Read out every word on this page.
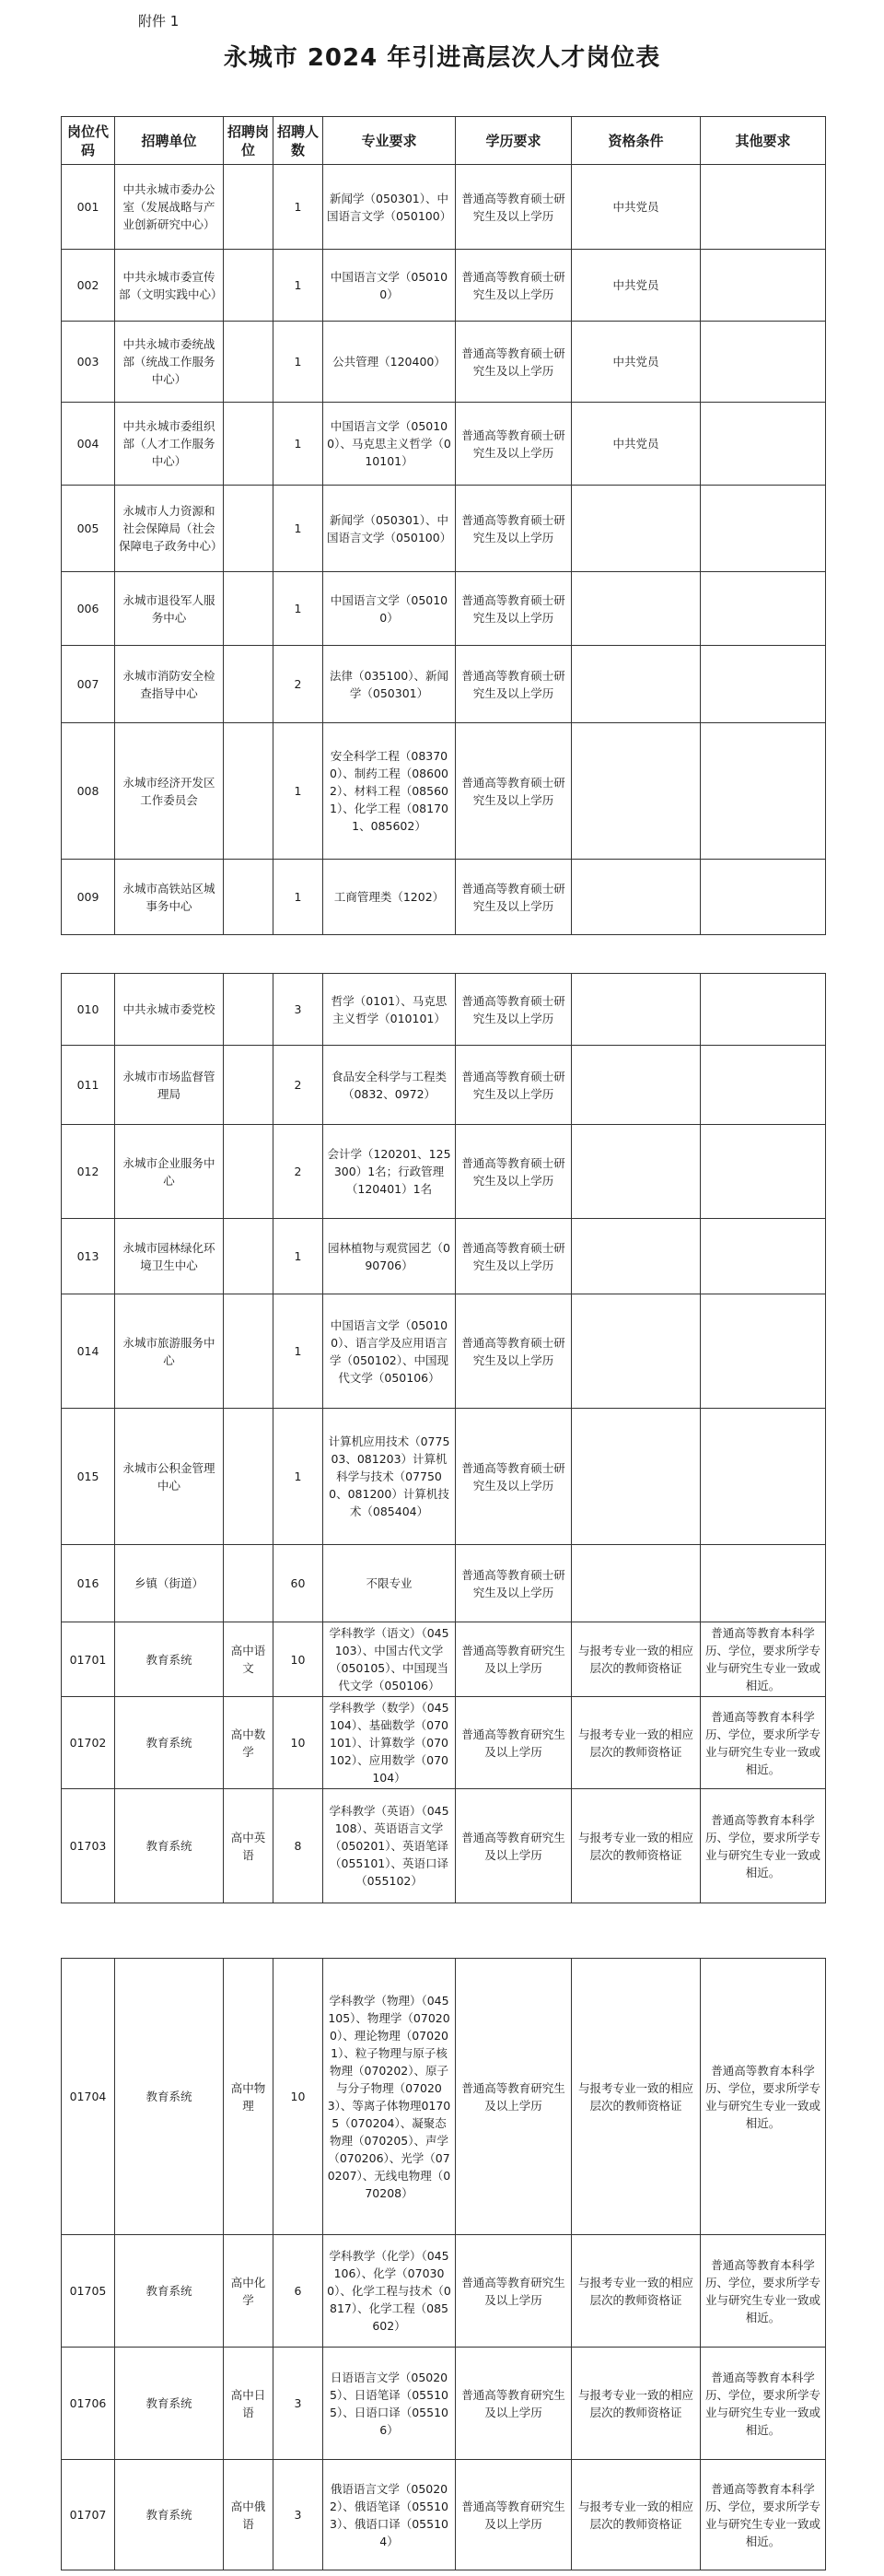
附件 1
永城市 2024 年引进高层次人才岗位表
岗位代码	招聘单位	招聘岗位	招聘人数	专业要求	学历要求	资格条件	其他要求
001	中共永城市委办公室（发展战略与产业创新研究中心）		1	新闻学（050301）、中国语言文学（050100）	普通高等教育硕士研究生及以上学历	中共党员	
002	中共永城市委宣传部（文明实践中心）		1	中国语言文学（050100）	普通高等教育硕士研究生及以上学历	中共党员	
003	中共永城市委统战部（统战工作服务中心）		1	公共管理（120400）	普通高等教育硕士研究生及以上学历	中共党员	
004	中共永城市委组织部（人才工作服务中心）		1	中国语言文学（050100）、马克思主义哲学（010101）	普通高等教育硕士研究生及以上学历	中共党员	
005	永城市人力资源和社会保障局（社会保障电子政务中心）		1	新闻学（050301）、中国语言文学（050100）	普通高等教育硕士研究生及以上学历		
006	永城市退役军人服务中心		1	中国语言文学（050100）	普通高等教育硕士研究生及以上学历		
007	永城市消防安全检查指导中心		2	法律（035100）、新闻学（050301）	普通高等教育硕士研究生及以上学历		
008	永城市经济开发区工作委员会		1	安全科学工程（083700）、制药工程（086002）、材料工程（085601）、化学工程（081701、085602）	普通高等教育硕士研究生及以上学历		
009	永城市高铁站区城事务中心		1	工商管理类（1202）	普通高等教育硕士研究生及以上学历		
010	中共永城市委党校		3	哲学（0101）、马克思主义哲学（010101）	普通高等教育硕士研究生及以上学历		
011	永城市市场监督管理局		2	食品安全科学与工程类（0832、0972）	普通高等教育硕士研究生及以上学历		
012	永城市企业服务中心		2	会计学（120201、125300）1名；行政管理（120401）1名	普通高等教育硕士研究生及以上学历		
013	永城市园林绿化环境卫生中心		1	园林植物与观赏园艺（090706）	普通高等教育硕士研究生及以上学历		
014	永城市旅游服务中心		1	中国语言文学（050100）、语言学及应用语言学（050102）、中国现代文学（050106）	普通高等教育硕士研究生及以上学历		
015	永城市公积金管理中心		1	计算机应用技术（077503、081203）计算机科学与技术（077500、081200）计算机技术（085404）	普通高等教育硕士研究生及以上学历		
016	乡镇（街道）		60	不限专业	普通高等教育硕士研究生及以上学历		
01701	教育系统	高中语文	10	学科教学（语文）（045103）、中国古代文学（050105）、中国现当代文学（050106）	普通高等教育研究生及以上学历	与报考专业一致的相应层次的教师资格证	普通高等教育本科学历、学位，要求所学专业与研究生专业一致或相近。
01702	教育系统	高中数学	10	学科教学（数学）（045104）、基础数学（070101）、计算数学（070102）、应用数学（070104）	普通高等教育研究生及以上学历	与报考专业一致的相应层次的教师资格证	普通高等教育本科学历、学位，要求所学专业与研究生专业一致或相近。
01703	教育系统	高中英语	8	学科教学（英语）（045108）、英语语言文学（050201）、英语笔译（055101）、英语口译（055102）	普通高等教育研究生及以上学历	与报考专业一致的相应层次的教师资格证	普通高等教育本科学历、学位，要求所学专业与研究生专业一致或相近。
01704	教育系统	高中物理	10	学科教学（物理）（045105）、物理学（070200）、理论物理（070201）、粒子物理与原子核物理（070202）、原子与分子物理（070203）、等离子体物理01705（070204）、凝聚态物理（070205）、声学（070206）、光学（070207）、无线电物理（070208）	普通高等教育研究生及以上学历	与报考专业一致的相应层次的教师资格证	普通高等教育本科学历、学位，要求所学专业与研究生专业一致或相近。
01705	教育系统	高中化学	6	学科教学（化学）（045106）、化学（070300）、化学工程与技术（0817）、化学工程（085602）	普通高等教育研究生及以上学历	与报考专业一致的相应层次的教师资格证	普通高等教育本科学历、学位，要求所学专业与研究生专业一致或相近。
01706	教育系统	高中日语	3	日语语言文学（050205）、日语笔译（055105）、日语口译（055106）	普通高等教育研究生及以上学历	与报考专业一致的相应层次的教师资格证	普通高等教育本科学历、学位，要求所学专业与研究生专业一致或相近。
01707	教育系统	高中俄语	3	俄语语言文学（050202）、俄语笔译（055103）、俄语口译（055104）	普通高等教育研究生及以上学历	与报考专业一致的相应层次的教师资格证	普通高等教育本科学历、学位，要求所学专业与研究生专业一致或相近。
